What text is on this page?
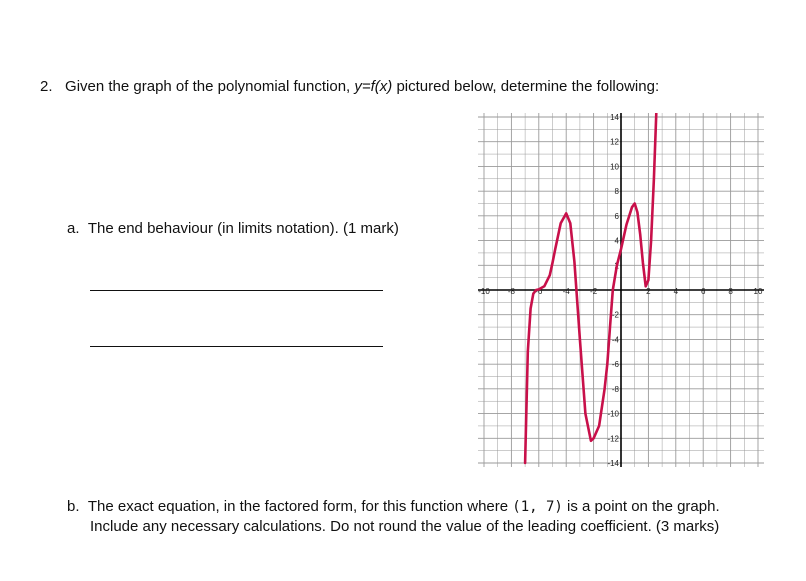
2. Given the graph of the polynomial function, y=f(x) pictured below, determine the following:
a. The end behaviour (in limits notation). (1 mark)
-10 -8	-6	-4	-2	2	4	6	8	10
14
12
10
8
6
4
2
-2
-4
-6
-8
-10
-12
-14
b. The exact equation, in the factored form, for this function where (1, 7) is a point on the graph.
Include any necessary calculations. Do not round the value of the leading coefficient. (3 marks)
